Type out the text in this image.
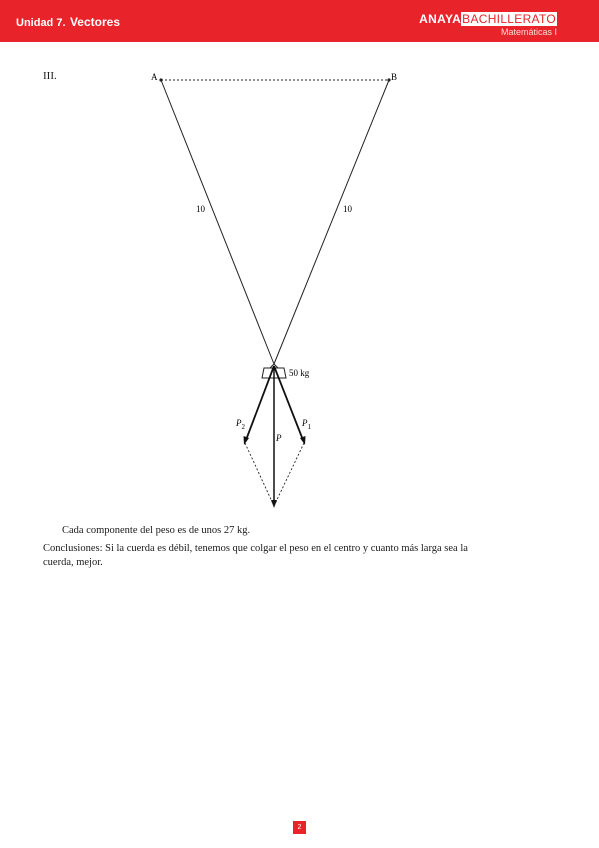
Unidad 7. Vectores	ANAYABACHILLERATO
Matemáticas I
III.	A	B
10	10
50 kg
$P_2$	$P_1$
P
Cada componente del peso es de unos 27 kg.
Conclusiones: Si la cuerda es débil, tenemos que colgar el peso en el centro y cuanto más larga sea la cuerda, mejor.
2
